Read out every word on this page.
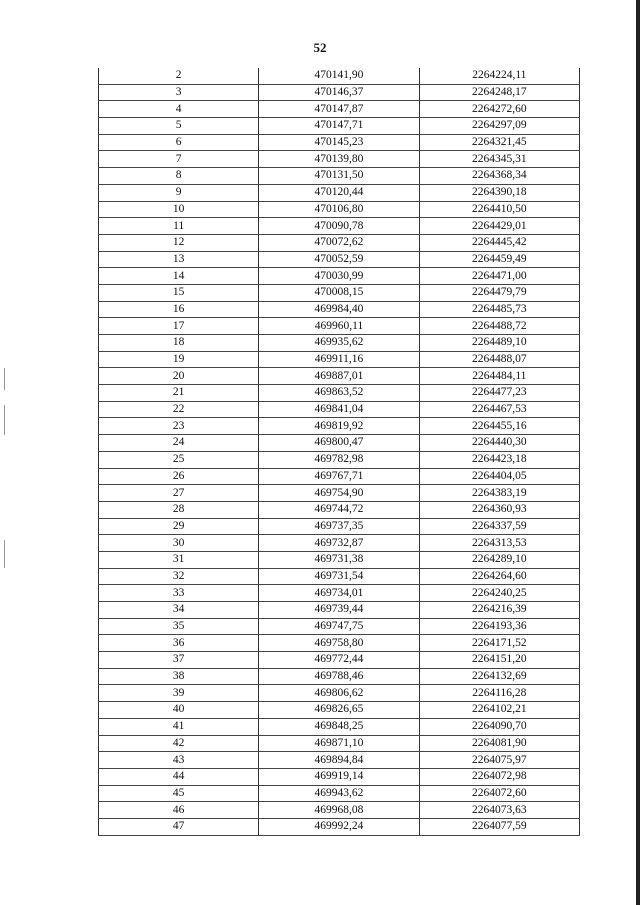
52
2	470141,90	2264224,11
3	470146,37	2264248,17
4	470147,87	2264272,60
5	470147,71	2264297,09
6	470145,23	2264321,45
7	470139,80	2264345,31
8	470131,50	2264368,34
9	470120,44	2264390,18
10	470106,80	2264410,50
11	470090,78	2264429,01
12	470072,62	2264445,42
13	470052,59	2264459,49
14	470030,99	2264471,00
15	470008,15	2264479,79
16	469984,40	2264485,73
17	469960,11	2264488,72
18	469935,62	2264489,10
19	469911,16	2264488,07
20	469887,01	2264484,11
21	469863,52	2264477,23
22	469841,04	2264467,53
23	469819,92	2264455,16
24	469800,47	2264440,30
25	469782,98	2264423,18
26	469767,71	2264404,05
27	469754,90	2264383,19
28	469744,72	2264360,93
29	469737,35	2264337,59
30	469732,87	2264313,53
31	469731,38	2264289,10
32	469731,54	2264264,60
33	469734,01	2264240,25
34	469739,44	2264216,39
35	469747,75	2264193,36
36	469758,80	2264171,52
37	469772,44	2264151,20
38	469788,46	2264132,69
39	469806,62	2264116,28
40	469826,65	2264102,21
41	469848,25	2264090,70
42	469871,10	2264081,90
43	469894,84	2264075,97
44	469919,14	2264072,98
45	469943,62	2264072,60
46	469968,08	2264073,63
47	469992,24	2264077,59
